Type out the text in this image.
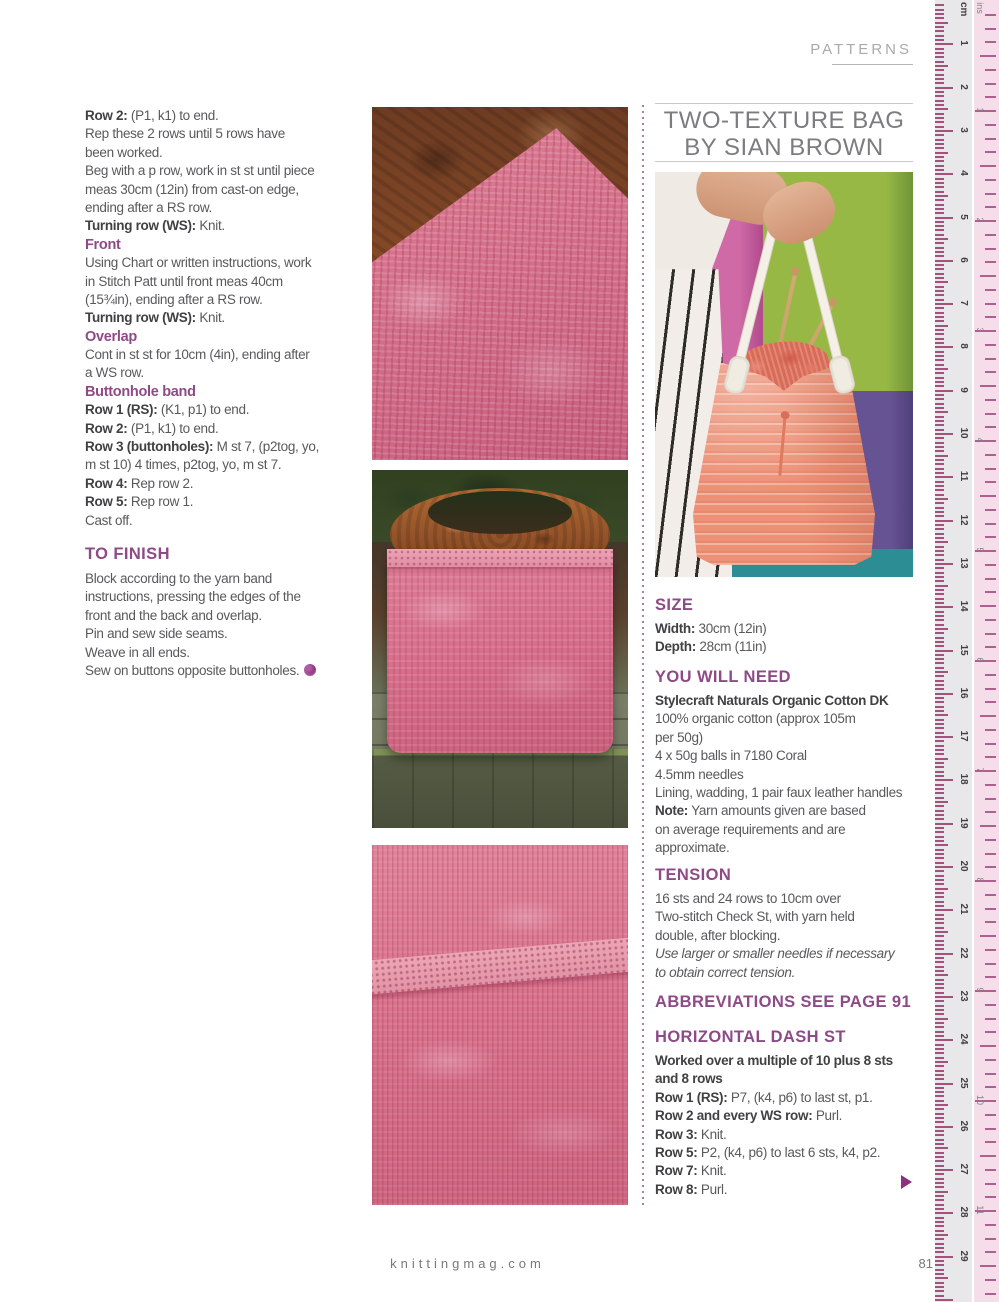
PATTERNS
Row 2: (P1, k1) to end.
Rep these 2 rows until 5 rows have
been worked.
Beg with a p row, work in st st until piece
meas 30cm (12in) from cast-on edge,
ending after a RS row.
Turning row (WS): Knit.
Front
Using Chart or written instructions, work
in Stitch Patt until front meas 40cm
(15¾in), ending after a RS row.
Turning row (WS): Knit.
Overlap
Cont in st st for 10cm (4in), ending after
a WS row.
Buttonhole band
Row 1 (RS): (K1, p1) to end.
Row 2: (P1, k1) to end.
Row 3 (buttonholes): M st 7, (p2tog, yo,
m st 10) 4 times, p2tog, yo, m st 7.
Row 4: Rep row 2.
Row 5: Rep row 1.
Cast off.
TO FINISH
Block according to the yarn band
instructions, pressing the edges of the
front and the back and overlap.
Pin and sew side seams.
Weave in all ends.
Sew on buttons opposite buttonholes.
TWO-TEXTURE BAG
BY SIAN BROWN
SIZE
Width: 30cm (12in)
Depth: 28cm (11in)
YOU WILL NEED
Stylecraft Naturals Organic Cotton DK
100% organic cotton (approx 105m
per 50g)
4 x 50g balls in 7180 Coral
4.5mm needles
Lining, wadding, 1 pair faux leather handles
Note: Yarn amounts given are based
on average requirements and are
approximate.
TENSION
16 sts and 24 rows to 10cm over
Two-stitch Check St, with yarn held
double, after blocking.
Use larger or smaller needles if necessary
to obtain correct tension.
ABBREVIATIONS SEE PAGE 91
HORIZONTAL DASH ST
Worked over a multiple of 10 plus 8 sts
and 8 rows
Row 1 (RS): P7, (k4, p6) to last st, p1.
Row 2 and every WS row: Purl.
Row 3: Knit.
Row 5: P2, (k4, p6) to last 6 sts, k4, p2.
Row 7: Knit.
Row 8: Purl.
knittingmag.com	81
cm
1
2
3
4
5
6
7
8
9
10
11
12
13
14
15
16
17
18
19
20
21
22
23
24
25
26
27
28
29
ins
1
2
3
4
5
6
7
8
9
10
11
